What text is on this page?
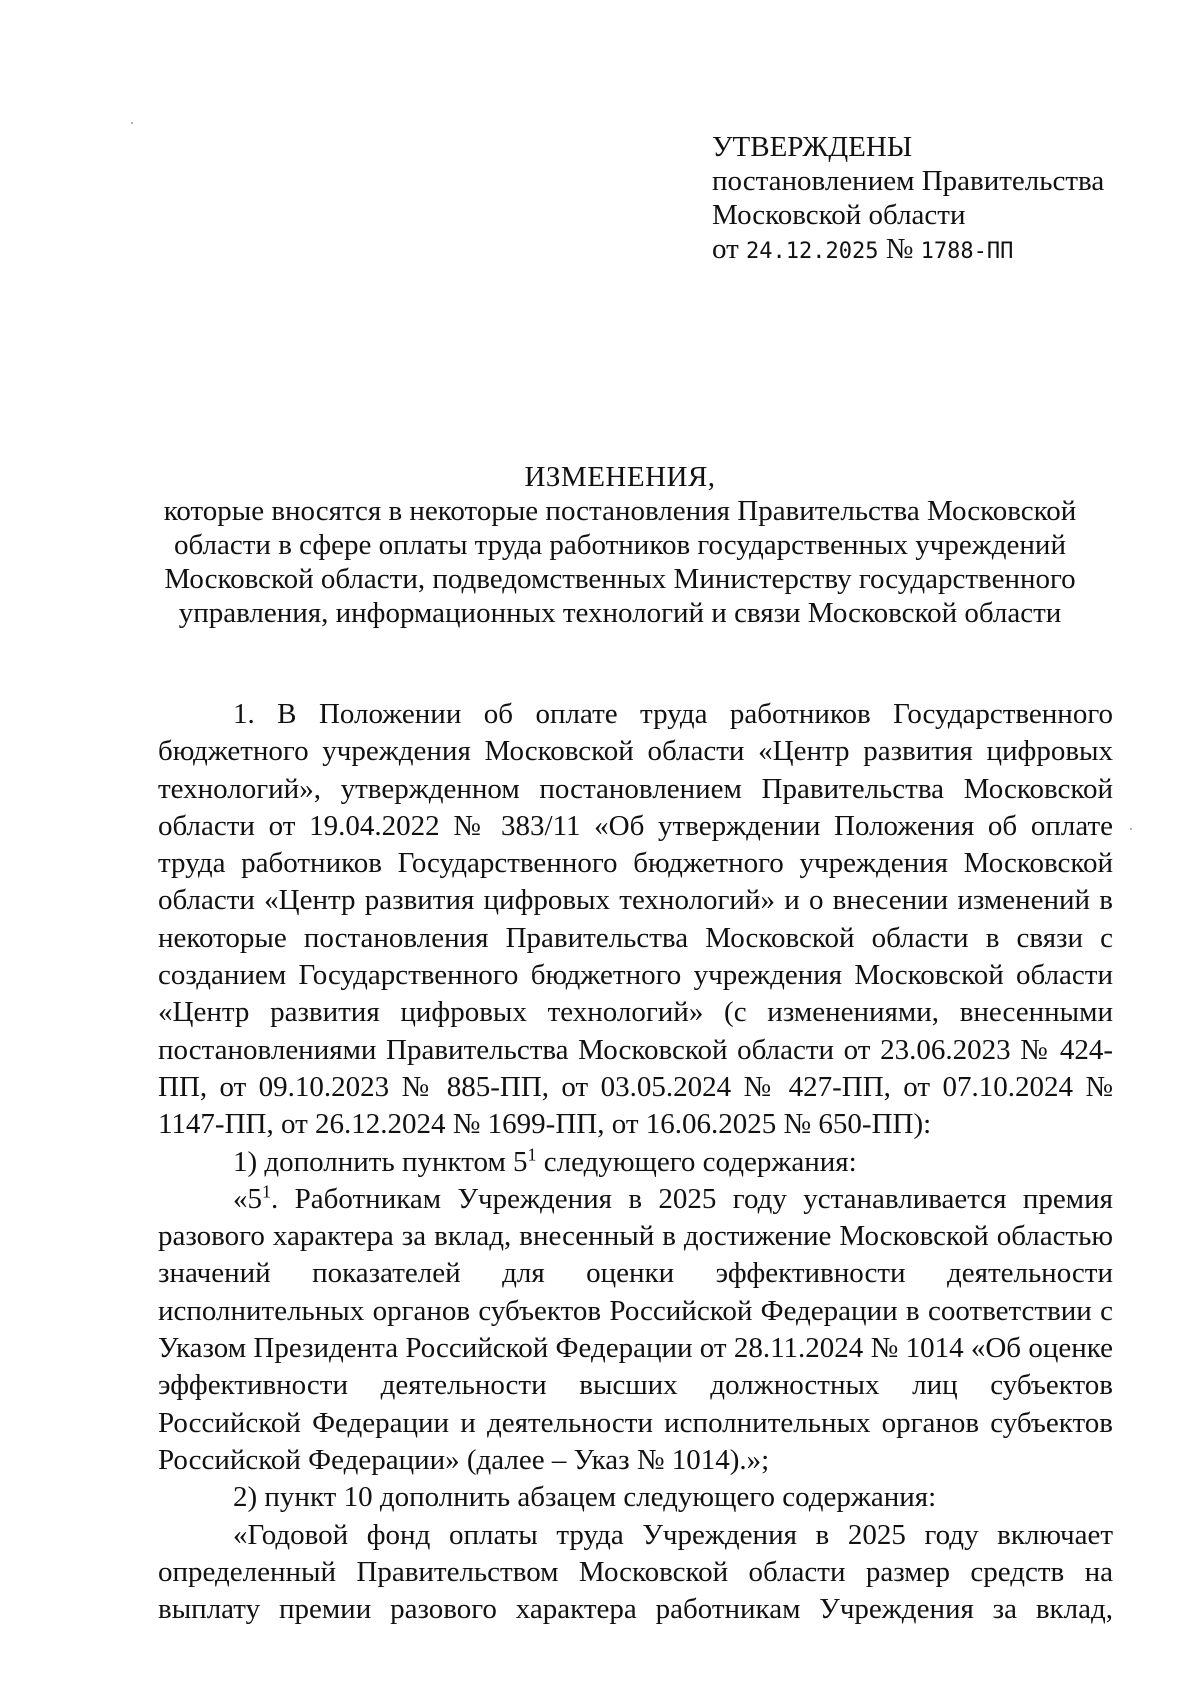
УТВЕРЖДЕНЫ
постановлением Правительства
Московской области
от 24.12.2025 № 1788-ПП
ИЗМЕНЕНИЯ,
которые вносятся в некоторые постановления Правительства Московской области в сфере оплаты труда работников государственных учреждений Московской области, подведомственных Министерству государственного управления, информационных технологий и связи Московской области

1. В Положении об оплате труда работников Государственного бюджетного учреждения Московской области «Центр развития цифровых технологий», утвержденном постановлением Правительства Московской области от 19.04.2022 № 383/11 «Об утверждении Положения об оплате труда работников Государственного бюджетного учреждения Московской области «Центр развития цифровых технологий» и о внесении изменений в некоторые постановления Правительства Московской области в связи с созданием Государственного бюджетного учреждения Московской области «Центр развития цифровых технологий» (с изменениями, внесенными постановлениями Правительства Московской области от 23.06.2023 № 424-ПП, от 09.10.2023 № 885-ПП, от 03.05.2024 № 427-ПП, от 07.10.2024 № 1147-ПП, от 26.12.2024 № 1699-ПП, от 16.06.2025 № 650-ПП):

1) дополнить пунктом $5^1$ следующего содержания:

«$5^1$. Работникам Учреждения в 2025 году устанавливается премия разового характера за вклад, внесенный в достижение Московской областью значений показателей для оценки эффективности деятельности исполнительных органов субъектов Российской Федерации в соответствии с Указом Президента Российской Федерации от 28.11.2024 № 1014 «Об оценке эффективности деятельности высших должностных лиц субъектов Российской Федерации и деятельности исполнительных органов субъектов Российской Федерации» (далее – Указ № 1014).»;

2) пункт 10 дополнить абзацем следующего содержания:

«Годовой фонд оплаты труда Учреждения в 2025 году включает определенный Правительством Московской области размер средств на выплату премии разового характера работникам Учреждения за вклад,
